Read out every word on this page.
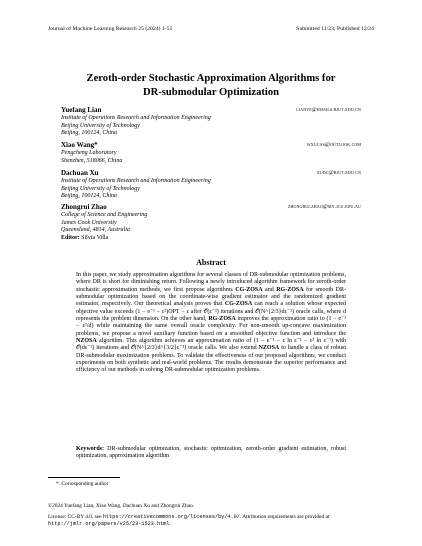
Journal of Machine Learning Research 25 (2024) 1-55	Submitted 11/23; Published 12/24
Zeroth-order Stochastic Approximation Algorithms for
DR-submodular Optimization
Yuefang Lian	lianyf@emails.bjut.edu.cn
Institute of Operations Research and Information Engineering
Beijing University of Technology
Beijing, 100124, China
Xiao Wang*	wxucas@outlook.com
Pengcheng Laboratory
Shenzhen, 518066, China
Dachuan Xu	xudc@bjut.edu.cn
Institute of Operations Research and Information Engineering
Beijing University of Technology
Beijing, 100124, China
Zhongrui Zhao	zhongrui.zhao@my.jcu.edu.au
College of Science and Engineering
James Cook University
Queensland, 4814, Australia
Editor: Silvia Villa
Abstract
In this paper, we study approximation algorithms for several classes of DR-submodular optimization problems, where DR is short for diminishing return. Following a newly introduced algorithm framework for zeroth-order stochastic approximation methods, we first propose algorithms CG-ZOSA and RG-ZOSA for smooth DR-submodular optimization based on the coordinate-wise gradient estimator and the randomized gradient estimator, respectively. Our theoretical analysis proves that CG-ZOSA can reach a solution whose expected objective value exceeds (1 − e⁻¹ − ε²)OPT − ε after 𝒪(ε⁻²) iterations and 𝒪(N^{2/3}dε⁻²) oracle calls, where d represents the problem dimension. On the other hand, RG-ZOSA improves the approximation ratio to (1 − e⁻¹ − ε²/d) while maintaining the same overall oracle complexity. For non-smooth up-concave maximization problems, we propose a novel auxiliary function based on a smoothed objective function and introduce the NZOSA algorithm. This algorithm achieves an approximation ratio of (1 − e⁻¹ − ε ln ε⁻¹ − ε² ln ε⁻¹) with 𝒪(dε⁻²) iterations and 𝒪(N^{2/3}d^{3/2}ε⁻³) oracle calls. We also extend NZOSA to handle a class of robust DR-submodular maximization problems. To validate the effectiveness of our proposed algorithms, we conduct experiments on both synthetic and real-world problems. The results demonstrate the superior performance and efficiency of our methods in solving DR-submodular optimization problems.
Keywords: DR-submodular optimization, stochastic optimization, zeroth-order gradient estimation, robust optimization, approximation algorithm
*. Corresponding author
©2024 Yuefang Lian, Xiao Wang, Dachuan Xu and Zhongrui Zhao.
License: CC-BY 4.0, see https://creativecommons.org/licenses/by/4.0/. Attribution requirements are provided at http://jmlr.org/papers/v25/23-1523.html.
